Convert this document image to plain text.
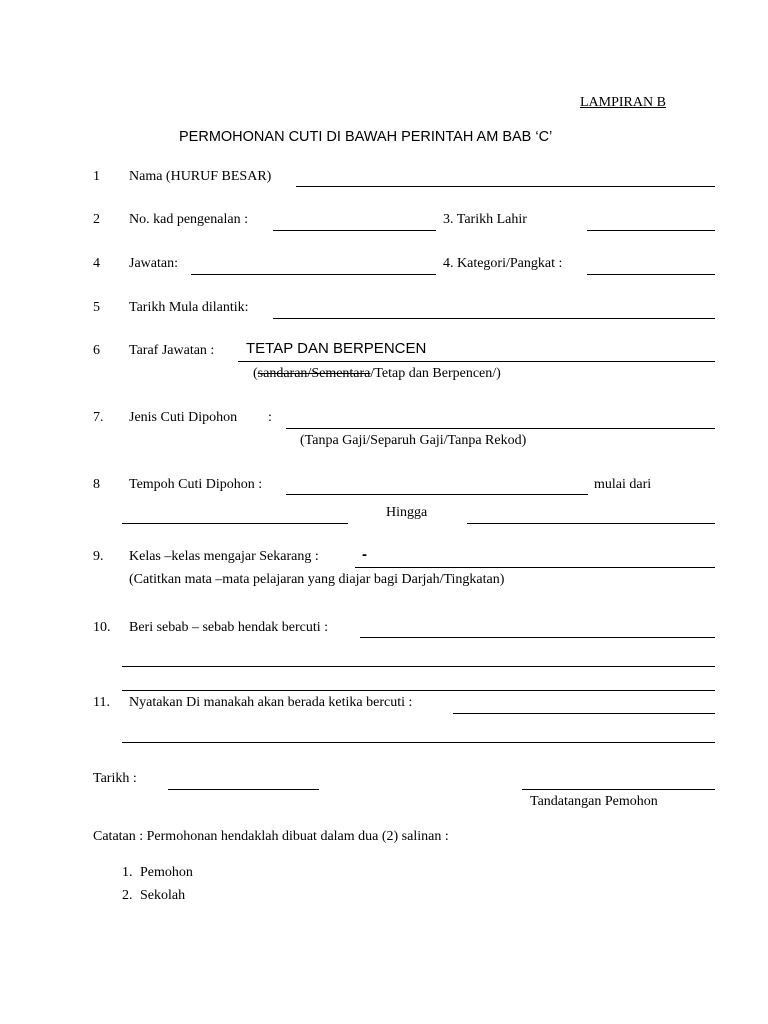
LAMPIRAN B
PERMOHONAN CUTI DI BAWAH PERINTAH AM BAB ‘C’
1 Nama (HURUF BESAR)
2 No. kad pengenalan :	3. Tarikh Lahir
4 Jawatan:	4. Kategori/Pangkat :
5 Tarikh Mula dilantik:
6 Taraf Jawatan : TETAP DAN BERPENCEN
(sandaran/Sementara/Tetap dan Berpencen/)
7. Jenis Cuti Dipohon :
(Tanpa Gaji/Separuh Gaji/Tanpa Rekod)
8 Tempoh Cuti Dipohon :	mulai dari
Hingga
9. Kelas –kelas mengajar Sekarang :	-
(Catitkan mata –mata pelajaran yang diajar bagi Darjah/Tingkatan)
10. Beri sebab – sebab hendak bercuti :
11. Nyatakan Di manakah akan berada ketika bercuti :
Tarikh :
Tandatangan Pemohon
Catatan : Permohonan hendaklah dibuat dalam dua (2) salinan :
1. Pemohon
2. Sekolah
